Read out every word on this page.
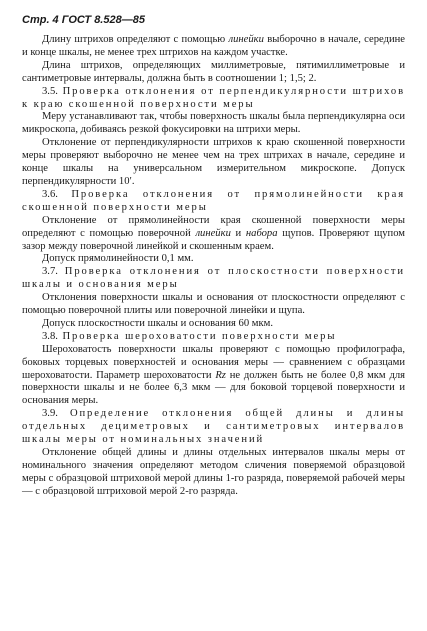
Стр. 4 ГОСТ 8.528—85

Длину штрихов определяют с помощью линейки выборочно в начале, середине и конце шкалы, не менее трех штрихов на каждом участке.

Длина штрихов, определяющих миллиметровые, пятимиллиметровые и сантиметровые интервалы, должна быть в соотношении 1; 1,5; 2.

3.5. Проверка отклонения от перпендикулярности штрихов к краю скошенной поверхности меры

Меру устанавливают так, чтобы поверхность шкалы была перпендикулярна оси микроскопа, добиваясь резкой фокусировки на штрихи меры.

Отклонение от перпендикулярности штрихов к краю скошенной поверхности меры проверяют выборочно не менее чем на трех штрихах в начале, середине и конце шкалы на универсальном измерительном микроскопе. Допуск перпендикулярности 10′.

3.6. Проверка отклонения от прямолинейности края скошенной поверхности меры

Отклонение от прямолинейности края скошенной поверхности меры определяют с помощью поверочной линейки и набора щупов. Проверяют щупом зазор между поверочной линейкой и скошенным краем.

Допуск прямолинейности 0,1 мм.

3.7. Проверка отклонения от плоскостности поверхности шкалы и основания меры

Отклонения поверхности шкалы и основания от плоскостности определяют с помощью поверочной плиты или поверочной линейки и щупа.

Допуск плоскостности шкалы и основания 60 мкм.

3.8. Проверка шероховатости поверхности меры

Шероховатость поверхности шкалы проверяют с помощью профилографа, боковых торцевых поверхностей и основания меры — сравнением с образцами шероховатости. Параметр шероховатости Rz не должен быть не более 0,8 мкм для поверхности шкалы и не более 6,3 мкм — для боковой торцевой поверхности и основания меры.

3.9. Определение отклонения общей длины и длины отдельных дециметровых и сантиметровых интервалов шкалы меры от номинальных значений

Отклонение общей длины и длины отдельных интервалов шкалы меры от номинального значения определяют методом сличения поверяемой образцовой меры с образцовой штриховой мерой длины 1-го разряда, поверяемой рабочей меры — с образцовой штриховой мерой 2-го разряда.
